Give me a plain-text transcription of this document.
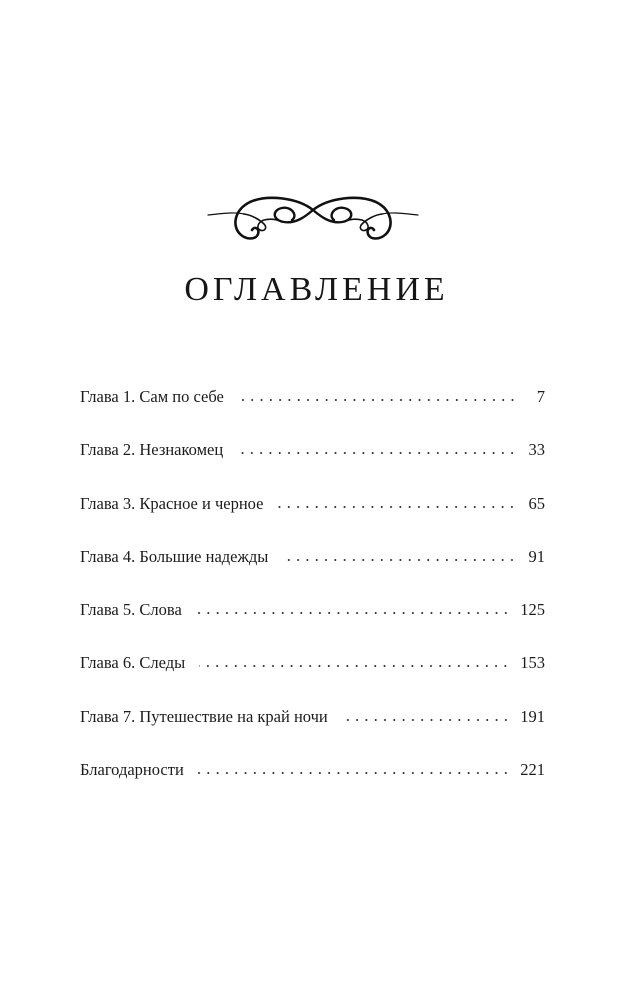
ОГЛАВЛЕНИЕ
Глава 1. Сам по себе	7
Глава 2. Незнакомец	33
Глава 3. Красное и черное	65
Глава 4. Большие надежды	91
Глава 5. Слова	125
Глава 6. Следы	153
Глава 7. Путешествие на край ночи	191
Благодарности	221
